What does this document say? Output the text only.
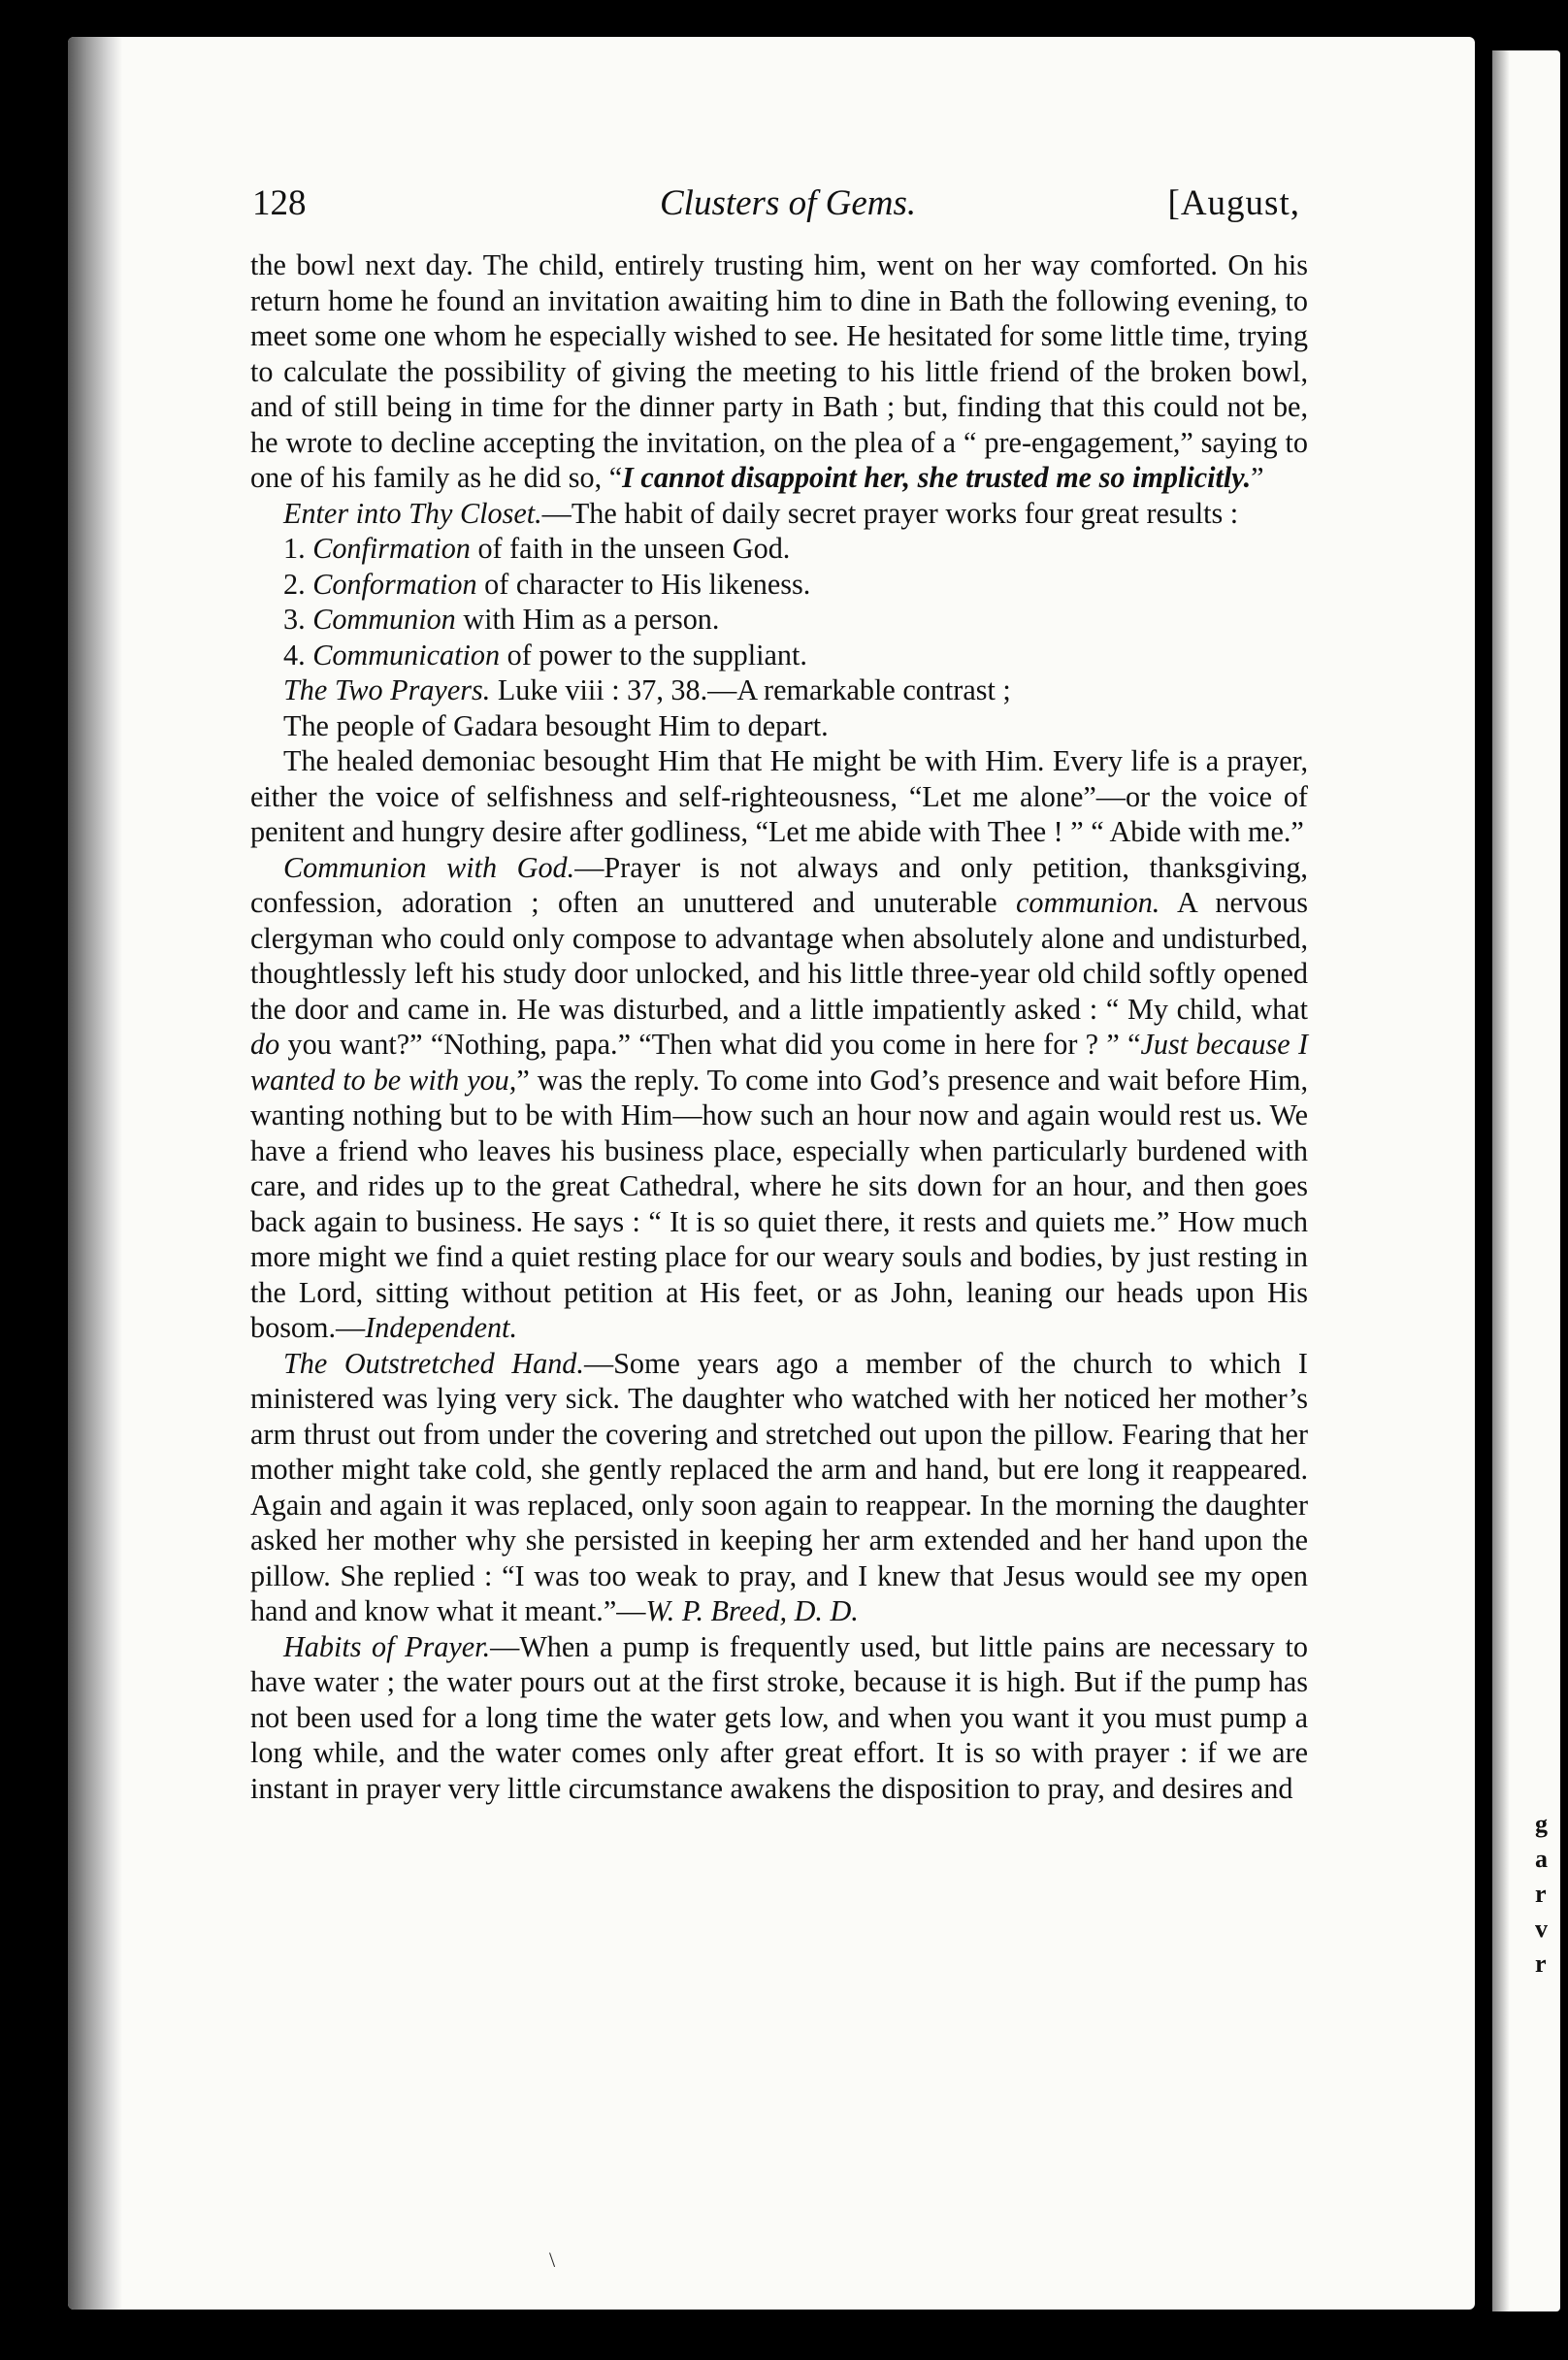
g
a
r
v
r
128	Clusters of Gems.	[August,

the bowl next day. The child, entirely trusting him, went on her way comforted. On his return home he found an invitation awaiting him to dine in Bath the following evening, to meet some one whom he especially wished to see. He hesitated for some little time, trying to calculate the possibility of giving the meeting to his little friend of the broken bowl, and of still being in time for the dinner party in Bath ; but, finding that this could not be, he wrote to decline accepting the invitation, on the plea of a “ pre-engagement,” saying to one of his family as he did so, “I cannot disappoint her, she trusted me so implicitly.”

Enter into Thy Closet.—The habit of daily secret prayer works four great results :

1. Confirmation of faith in the unseen God.

2. Conformation of character to His likeness.

3. Communion with Him as a person.

4. Communication of power to the suppliant.

The Two Prayers. Luke viii : 37, 38.—A remarkable contrast ;

The people of Gadara besought Him to depart.

The healed demoniac besought Him that He might be with Him. Every life is a prayer, either the voice of selfishness and self-righteousness, “Let me alone”—or the voice of penitent and hungry desire after godliness, “Let me abide with Thee ! ” “ Abide with me.”

Communion with God.—Prayer is not always and only petition, thanksgiving, confession, adoration ; often an unuttered and unuterable communion. A nervous clergyman who could only compose to advantage when absolutely alone and undisturbed, thoughtlessly left his study door unlocked, and his little three-year old child softly opened the door and came in. He was disturbed, and a little impatiently asked : “ My child, what do you want?” “Nothing, papa.” “Then what did you come in here for ? ” “Just because I wanted to be with you,” was the reply. To come into God’s presence and wait before Him, wanting nothing but to be with Him—how such an hour now and again would rest us. We have a friend who leaves his business place, especially when particularly burdened with care, and rides up to the great Cathedral, where he sits down for an hour, and then goes back again to business. He says : “ It is so quiet there, it rests and quiets me.” How much more might we find a quiet resting place for our weary souls and bodies, by just resting in the Lord, sitting without petition at His feet, or as John, leaning our heads upon His bosom.—Independent.

The Outstretched Hand.—Some years ago a member of the church to which I ministered was lying very sick. The daughter who watched with her noticed her mother’s arm thrust out from under the covering and stretched out upon the pillow. Fearing that her mother might take cold, she gently replaced the arm and hand, but ere long it reappeared. Again and again it was replaced, only soon again to reappear. In the morning the daughter asked her mother why she persisted in keeping her arm extended and her hand upon the pillow. She replied : “I was too weak to pray, and I knew that Jesus would see my open hand and know what it meant.”—W. P. Breed, D. D.

Habits of Prayer.—When a pump is frequently used, but little pains are necessary to have water ; the water pours out at the first stroke, because it is high. But if the pump has not been used for a long time the water gets low, and when you want it you must pump a long while, and the water comes only after great effort. It is so with prayer : if we are instant in prayer very little circumstance awakens the disposition to pray, and desires and

\
